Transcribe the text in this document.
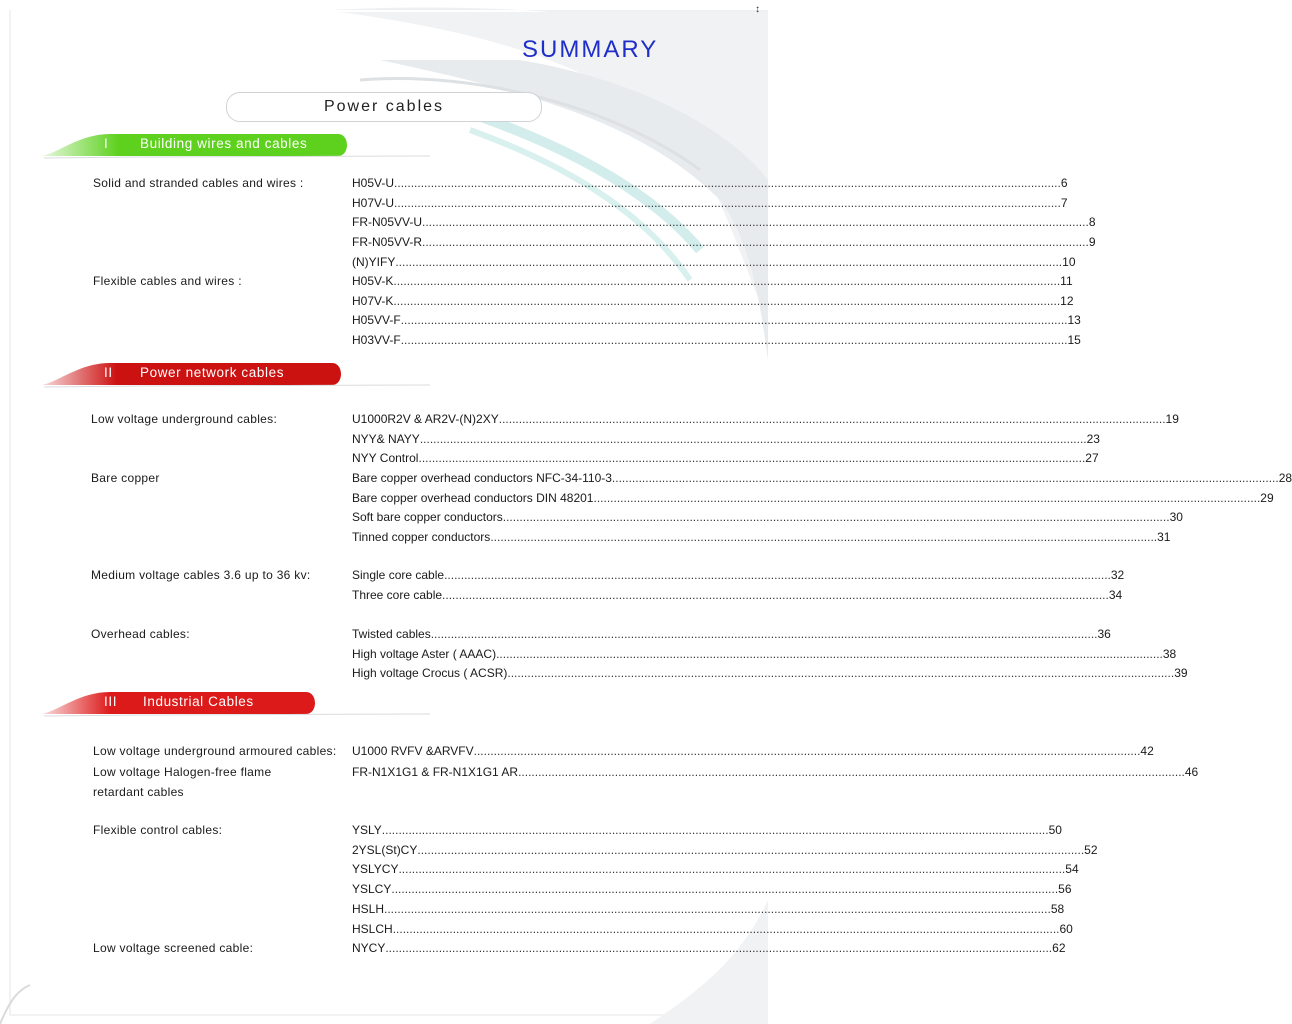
↕
SUMMARY
Power cables
I Building wires and cables
Solid and stranded cables and wires :	H05V-U ........................................................................................................................................................................................................ 6
H07V-U ........................................................................................................................................................................................................ 7
FR-N05VV-U ........................................................................................................................................................................................................ 8
FR-N05VV-R ........................................................................................................................................................................................................ 9
(N)YIFY ........................................................................................................................................................................................................ 10
Flexible cables and wires :	H05V-K ........................................................................................................................................................................................................ 11
H07V-K ........................................................................................................................................................................................................ 12
H05VV-F ........................................................................................................................................................................................................ 13
H03VV-F ........................................................................................................................................................................................................ 15
II Power network cables
Low voltage underground cables:	U1000R2V & AR2V-(N)2XY ........................................................................................................................................................................................................ 19
NYY& NAYY ........................................................................................................................................................................................................ 23
NYY Control ........................................................................................................................................................................................................ 27
Bare copper	Bare copper overhead conductors NFC-34-110-3 ........................................................................................................................................................................................................ 28
Bare copper overhead conductors DIN 48201 ........................................................................................................................................................................................................ 29
Soft bare copper conductors ........................................................................................................................................................................................................ 30
Tinned copper conductors ........................................................................................................................................................................................................ 31
Medium voltage cables 3.6 up to 36 kv:	Single core cable ........................................................................................................................................................................................................ 32
Three core cable ........................................................................................................................................................................................................ 34
Overhead cables:	Twisted cables ........................................................................................................................................................................................................ 36
High voltage Aster ( AAAC) ........................................................................................................................................................................................................ 38
High voltage Crocus ( ACSR) ........................................................................................................................................................................................................ 39
III Industrial Cables
Low voltage underground armoured cables: U1000 RVFV &ARVFV ........................................................................................................................................................................................................ 42
Low voltage Halogen-free flame
retardant cables
FR-N1X1G1 & FR-N1X1G1 AR ........................................................................................................................................................................................................ 46
Flexible control cables:	YSLY ........................................................................................................................................................................................................ 50
2YSL(St)CY ........................................................................................................................................................................................................ 52
YSLYCY ........................................................................................................................................................................................................ 54
YSLCY ........................................................................................................................................................................................................ 56
HSLH ........................................................................................................................................................................................................ 58
HSLCH ........................................................................................................................................................................................................ 60
Low voltage screened cable:	NYCY ........................................................................................................................................................................................................ 62
